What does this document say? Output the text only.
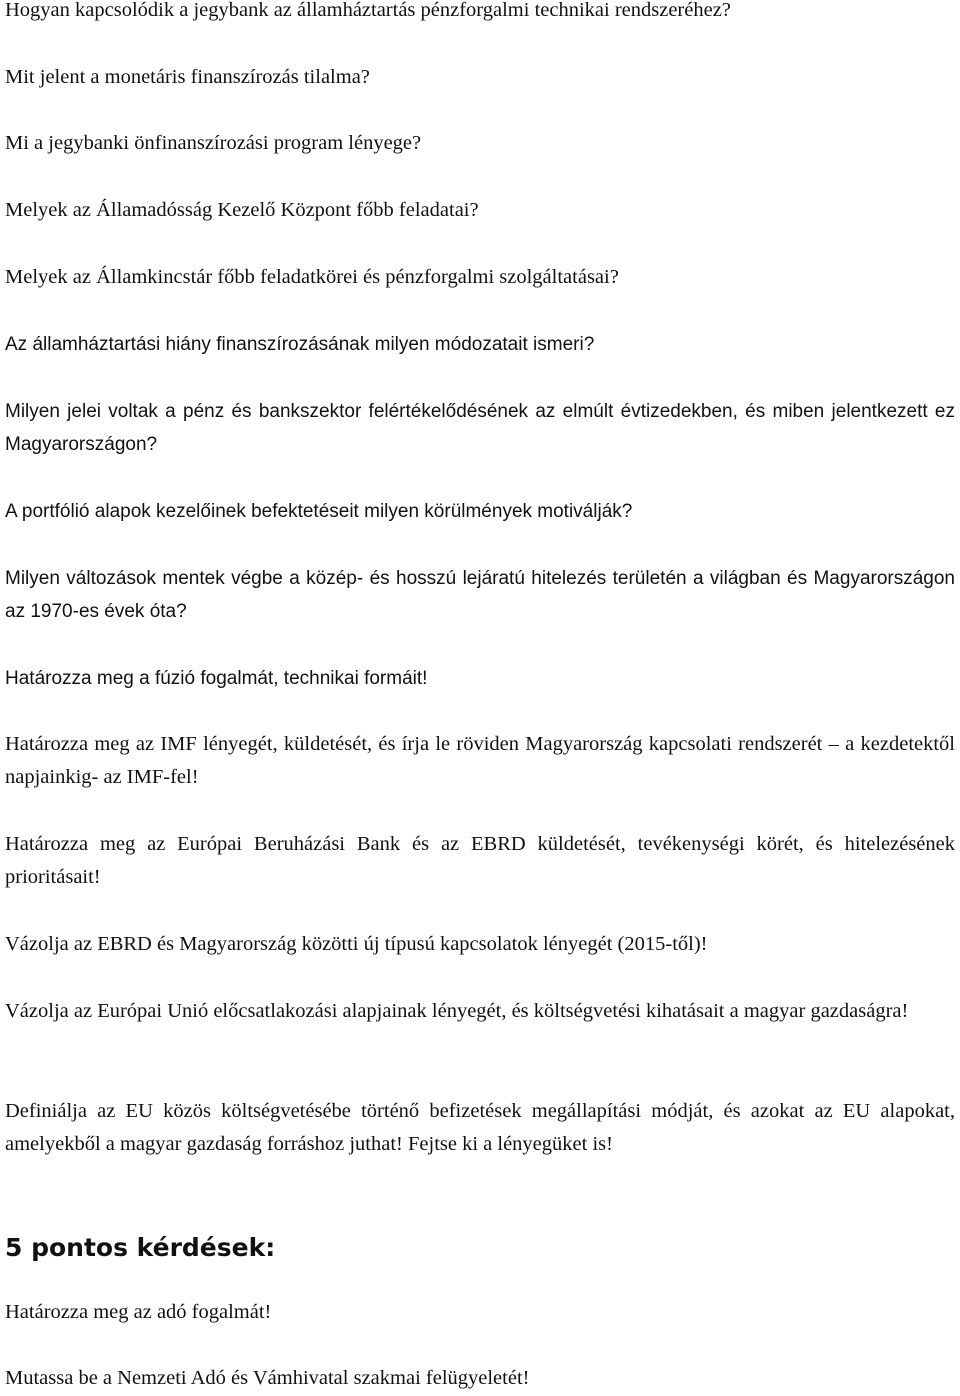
Hogyan kapcsolódik a jegybank az államháztartás pénzforgalmi technikai rendszeréhez?

Mit jelent a monetáris finanszírozás tilalma?

Mi a jegybanki önfinanszírozási program lényege?

Melyek az Államadósság Kezelő Központ főbb feladatai?

Melyek az Államkincstár főbb feladatkörei és pénzforgalmi szolgáltatásai?

Az államháztartási hiány finanszírozásának milyen módozatait ismeri?

Milyen jelei voltak a pénz és bankszektor felértékelődésének az elmúlt évtizedekben, és miben jelentkezett ez Magyarországon?

A portfólió alapok kezelőinek befektetéseit milyen körülmények motiválják?

Milyen változások mentek végbe a közép- és hosszú lejáratú hitelezés területén a világban és Magyarországon az 1970-es évek óta?

Határozza meg a fúzió fogalmát, technikai formáit!

Határozza meg az IMF lényegét, küldetését, és írja le röviden Magyarország kapcsolati rendszerét – a kezdetektől napjainkig- az IMF-fel!

Határozza meg az Európai Beruházási Bank és az EBRD küldetését, tevékenységi körét, és hitelezésének prioritásait!

Vázolja az EBRD és Magyarország közötti új típusú kapcsolatok lényegét (2015-től)!

Vázolja az Európai Unió előcsatlakozási alapjainak lényegét, és költségvetési kihatásait a magyar gazdaságra!

Definiálja az EU közös költségvetésébe történő befizetések megállapítási módját, és azokat az EU alapokat, amelyekből a magyar gazdaság forráshoz juthat! Fejtse ki a lényegüket is!

5 pontos kérdések:

Határozza meg az adó fogalmát!

Mutassa be a Nemzeti Adó és Vámhivatal szakmai felügyeletét!
